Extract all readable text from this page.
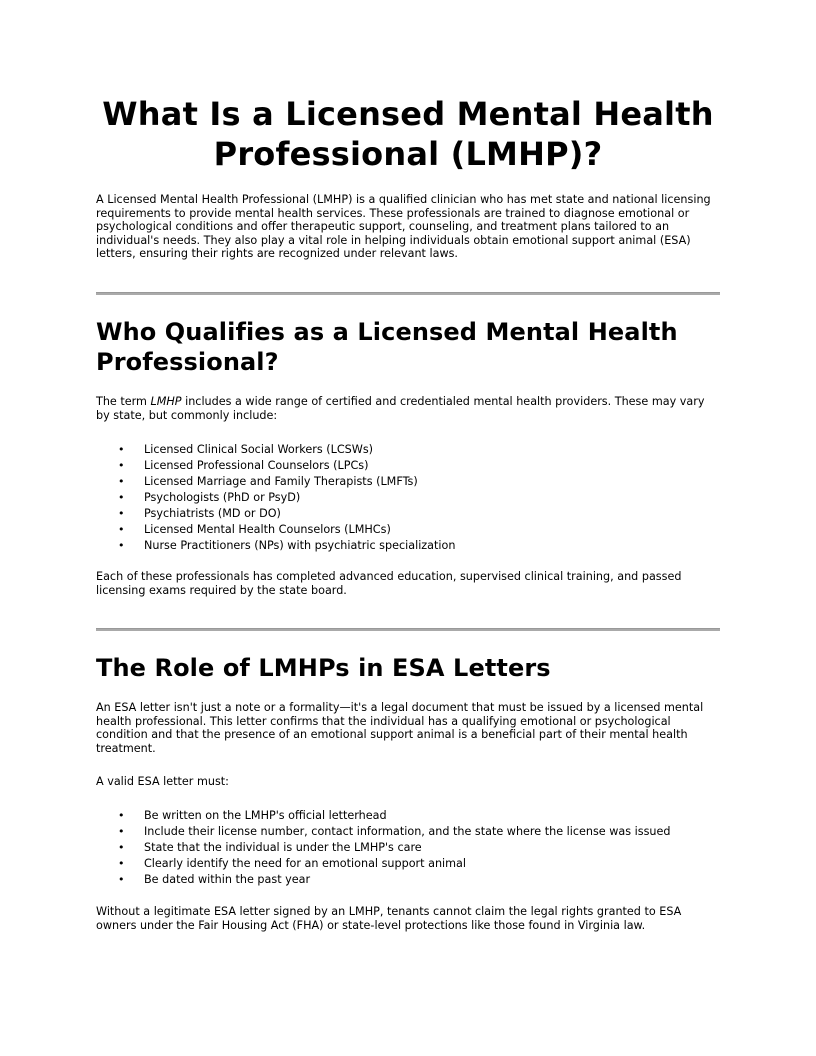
What Is a Licensed Mental Health Professional (LMHP)?

A Licensed Mental Health Professional (LMHP) is a qualified clinician who has met state and national licensing requirements to provide mental health services. These professionals are trained to diagnose emotional or psychological conditions and offer therapeutic support, counseling, and treatment plans tailored to an individual's needs. They also play a vital role in helping individuals obtain emotional support animal (ESA) letters, ensuring their rights are recognized under relevant laws.

Who Qualifies as a Licensed Mental Health Professional?

The term LMHP includes a wide range of certified and credentialed mental health providers. These may vary by state, but commonly include:

• Licensed Clinical Social Workers (LCSWs)
• Licensed Professional Counselors (LPCs)
• Licensed Marriage and Family Therapists (LMFTs)
• Psychologists (PhD or PsyD)
• Psychiatrists (MD or DO)
• Licensed Mental Health Counselors (LMHCs)
• Nurse Practitioners (NPs) with psychiatric specialization

Each of these professionals has completed advanced education, supervised clinical training, and passed licensing exams required by the state board.

The Role of LMHPs in ESA Letters

An ESA letter isn't just a note or a formality—it's a legal document that must be issued by a licensed mental health professional. This letter confirms that the individual has a qualifying emotional or psychological condition and that the presence of an emotional support animal is a beneficial part of their mental health treatment.

A valid ESA letter must:

• Be written on the LMHP's official letterhead
• Include their license number, contact information, and the state where the license was issued
• State that the individual is under the LMHP's care
• Clearly identify the need for an emotional support animal
• Be dated within the past year

Without a legitimate ESA letter signed by an LMHP, tenants cannot claim the legal rights granted to ESA owners under the Fair Housing Act (FHA) or state-level protections like those found in Virginia law.
